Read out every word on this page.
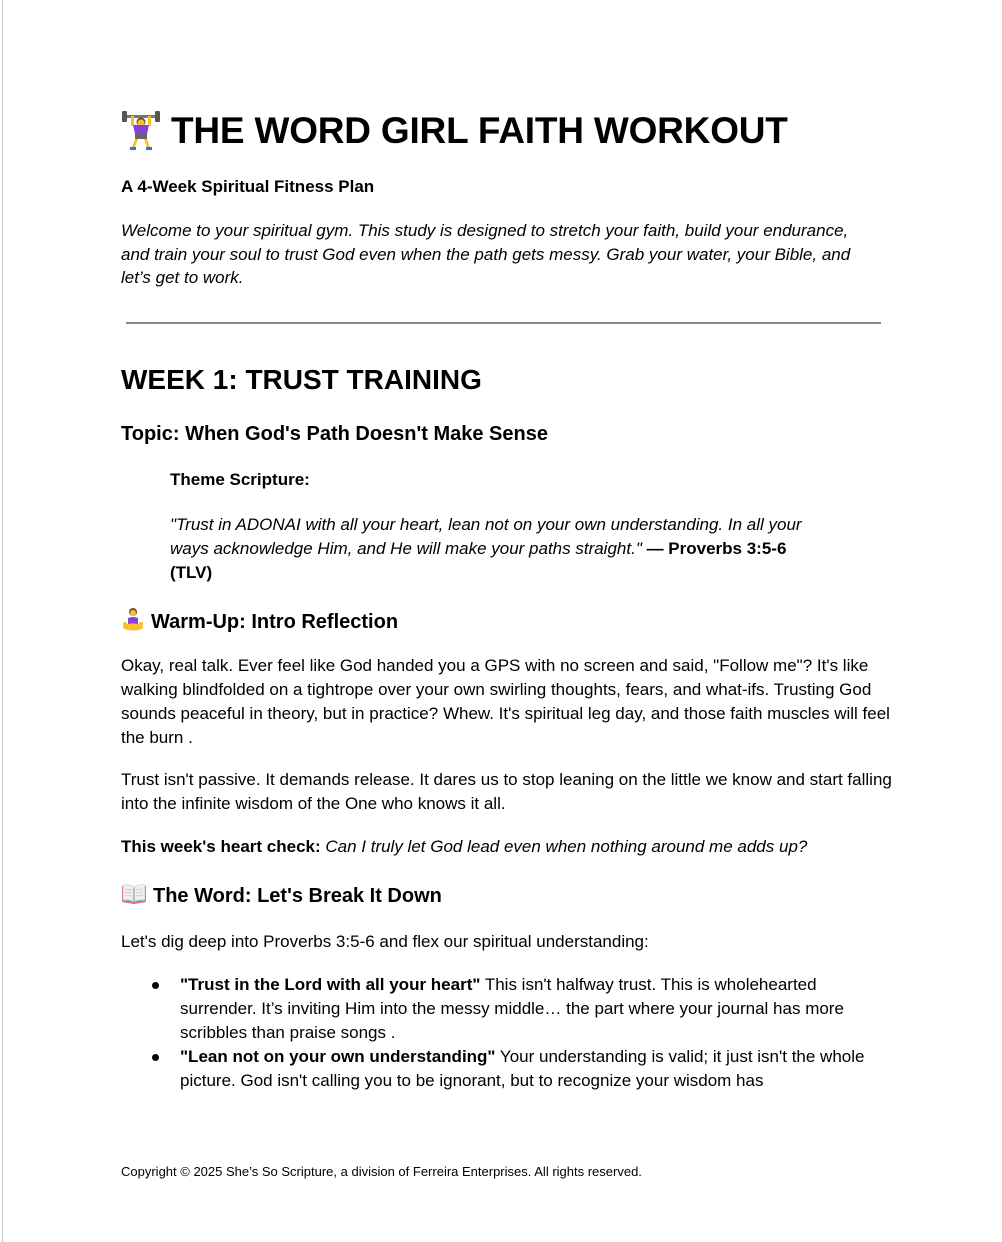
THE WORD GIRL FAITH WORKOUT
A 4-Week Spiritual Fitness Plan
Welcome to your spiritual gym. This study is designed to stretch your faith, build your endurance, and train your soul to trust God even when the path gets messy. Grab your water, your Bible, and let’s get to work.
WEEK 1: TRUST TRAINING
Topic: When God's Path Doesn't Make Sense
Theme Scripture:
"Trust in ADONAI with all your heart, lean not on your own understanding. In all your ways acknowledge Him, and He will make your paths straight." — Proverbs 3:5-6 (TLV)
Warm-Up: Intro Reflection
Okay, real talk. Ever feel like God handed you a GPS with no screen and said, "Follow me"? It's like walking blindfolded on a tightrope over your own swirling thoughts, fears, and what-ifs. Trusting God sounds peaceful in theory, but in practice? Whew. It's spiritual leg day, and those faith muscles will feel the burn .
Trust isn't passive. It demands release. It dares us to stop leaning on the little we know and start falling into the infinite wisdom of the One who knows it all.
This week's heart check: Can I truly let God lead even when nothing around me adds up?
The Word: Let's Break It Down
Let's dig deep into Proverbs 3:5-6 and flex our spiritual understanding:
"Trust in the Lord with all your heart" This isn't halfway trust. This is wholehearted surrender. It’s inviting Him into the messy middle… the part where your journal has more scribbles than praise songs .
"Lean not on your own understanding" Your understanding is valid; it just isn't the whole picture. God isn't calling you to be ignorant, but to recognize your wisdom has
Copyright © 2025 She’s So Scripture, a division of Ferreira Enterprises. All rights reserved.
